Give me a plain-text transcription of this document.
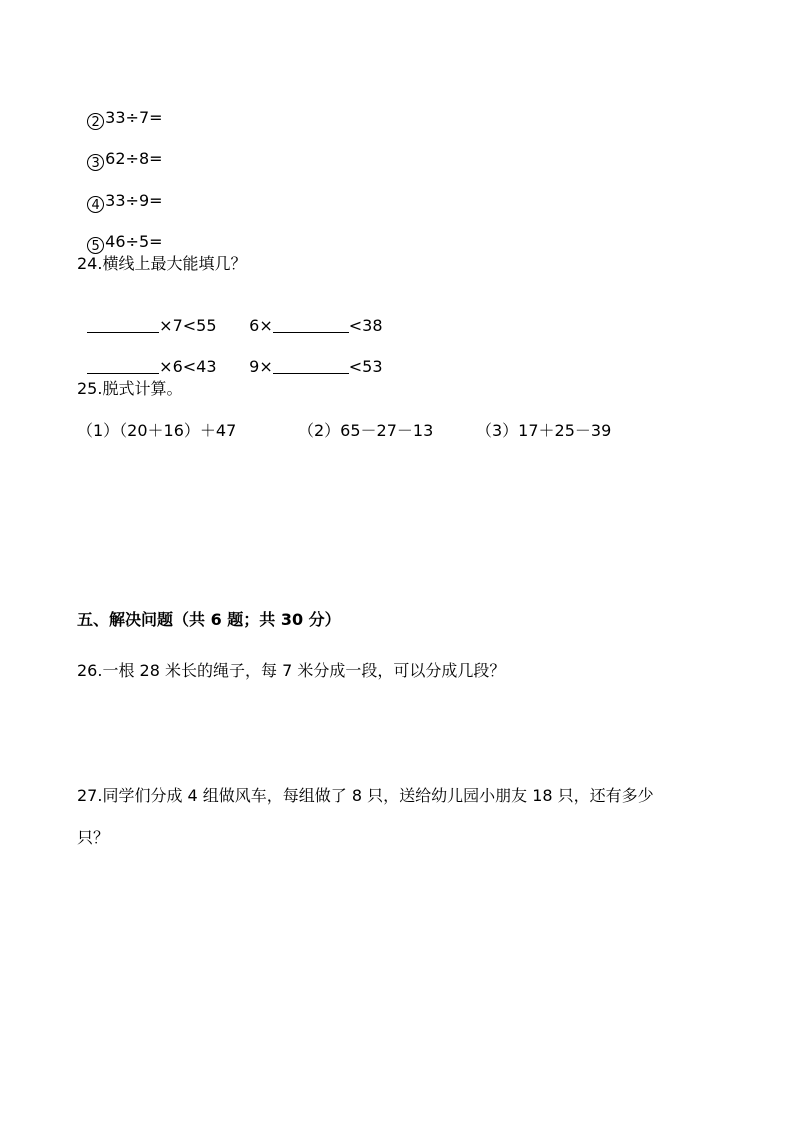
2 33÷7=

3 62÷8=

4 33÷9=

5 46÷5=

24.横线上最大能填几？

×7<55	6×	<38

×6<43	9×	<53

25.脱式计算。
（1）（20＋16）＋47	（2）65－27－13	（3）17＋25－39
五、解决问题（共 6 题；共 30 分）
26.一根 28 米长的绳子，每 7 米分成一段，可以分成几段？
27.同学们分成 4 组做风车，每组做了 8 只，送给幼儿园小朋友 18 只，还有多少
只？
